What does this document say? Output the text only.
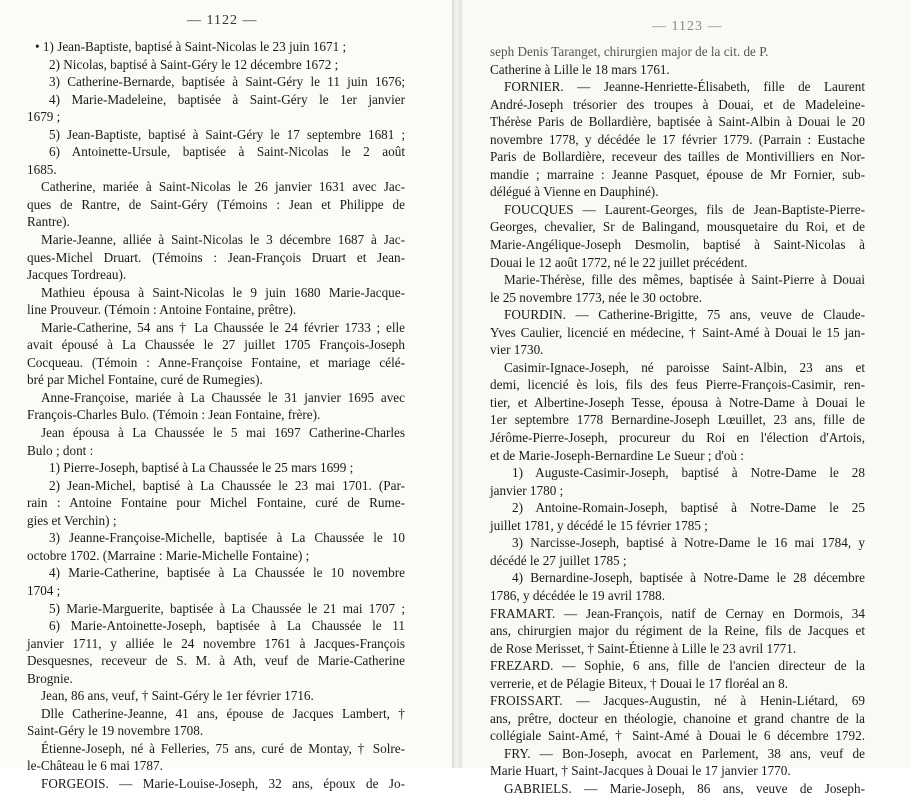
— 1122 —
• 1) Jean-Baptiste, baptisé à Saint-Nicolas le 23 juin 1671 ;
2) Nicolas, baptisé à Saint-Géry le 12 décembre 1672 ;
3) Catherine-Bernarde, baptisée à Saint-Géry le 11 juin 1676;
4) Marie-Madeleine, baptisée à Saint-Géry le 1er janvier
1679 ;
5) Jean-Baptiste, baptisé à Saint-Géry le 17 septembre 1681 ;
6) Antoinette-Ursule, baptisée à Saint-Nicolas le 2 août
1685.
Catherine, mariée à Saint-Nicolas le 26 janvier 1631 avec Jac-
ques de Rantre, de Saint-Géry (Témoins : Jean et Philippe de
Rantre).
Marie-Jeanne, alliée à Saint-Nicolas le 3 décembre 1687 à Jac-
ques-Michel Druart. (Témoins : Jean-François Druart et Jean-
Jacques Tordreau).
Mathieu épousa à Saint-Nicolas le 9 juin 1680 Marie-Jacque-
line Prouveur. (Témoin : Antoine Fontaine, prêtre).
Marie-Catherine, 54 ans † La Chaussée le 24 février 1733 ; elle
avait épousé à La Chaussée le 27 juillet 1705 François-Joseph
Cocqueau. (Témoin : Anne-Françoise Fontaine, et mariage célé-
bré par Michel Fontaine, curé de Rumegies).
Anne-Françoise, mariée à La Chaussée le 31 janvier 1695 avec
François-Charles Bulo. (Témoin : Jean Fontaine, frère).
Jean épousa à La Chaussée le 5 mai 1697 Catherine-Charles
Bulo ; dont :
1) Pierre-Joseph, baptisé à La Chaussée le 25 mars 1699 ;
2) Jean-Michel, baptisé à La Chaussée le 23 mai 1701. (Par-
rain : Antoine Fontaine pour Michel Fontaine, curé de Rume-
gies et Verchin) ;
3) Jeanne-Françoise-Michelle, baptisée à La Chaussée le 10
octobre 1702. (Marraine : Marie-Michelle Fontaine) ;
4) Marie-Catherine, baptisée à La Chaussée le 10 novembre
1704 ;
5) Marie-Marguerite, baptisée à La Chaussée le 21 mai 1707 ;
6) Marie-Antoinette-Joseph, baptisée à La Chaussée le 11
janvier 1711, y alliée le 24 novembre 1761 à Jacques-François
Desquesnes, receveur de S. M. à Ath, veuf de Marie-Catherine
Brognie.
Jean, 86 ans, veuf, † Saint-Géry le 1er février 1716.
Dlle Catherine-Jeanne, 41 ans, épouse de Jacques Lambert, †
Saint-Géry le 19 novembre 1708.
Étienne-Joseph, né à Felleries, 75 ans, curé de Montay, † Solre-
le-Château le 6 mai 1787.
FORGEOIS. — Marie-Louise-Joseph, 32 ans, époux de Jo-
— 1123 —
seph Denis Taranget, chirurgien major de la cit. de P.
Catherine à Lille le 18 mars 1761.
FORNIER. — Jeanne-Henriette-Élisabeth, fille de Laurent
André-Joseph trésorier des troupes à Douai, et de Madeleine-
Thérèse Paris de Bollardière, baptisée à Saint-Albin à Douai le 20
novembre 1778, y décédée le 17 février 1779. (Parrain : Eustache
Paris de Bollardière, receveur des tailles de Montivilliers en Nor-
mandie ; marraine : Jeanne Pasquet, épouse de Mr Fornier, sub-
délégué à Vienne en Dauphiné).
FOUCQUES — Laurent-Georges, fils de Jean-Baptiste-Pierre-
Georges, chevalier, Sr de Balingand, mousquetaire du Roi, et de
Marie-Angélique-Joseph Desmolin, baptisé à Saint-Nicolas à
Douai le 12 août 1772, né le 22 juillet précédent.
Marie-Thérèse, fille des mêmes, baptisée à Saint-Pierre à Douai
le 25 novembre 1773, née le 30 octobre.
FOURDIN. — Catherine-Brigitte, 75 ans, veuve de Claude-
Yves Caulier, licencié en médecine, † Saint-Amé à Douai le 15 jan-
vier 1730.
Casimir-Ignace-Joseph, né paroisse Saint-Albin, 23 ans et
demi, licencié ès lois, fils des feus Pierre-François-Casimir, ren-
tier, et Albertine-Joseph Tesse, épousa à Notre-Dame à Douai le
1er septembre 1778 Bernardine-Joseph Lœuillet, 23 ans, fille de
Jérôme-Pierre-Joseph, procureur du Roi en l'élection d'Artois,
et de Marie-Joseph-Bernardine Le Sueur ; d'où :
1) Auguste-Casimir-Joseph, baptisé à Notre-Dame le 28
janvier 1780 ;
2) Antoine-Romain-Joseph, baptisé à Notre-Dame le 25
juillet 1781, y décédé le 15 février 1785 ;
3) Narcisse-Joseph, baptisé à Notre-Dame le 16 mai 1784, y
décédé le 27 juillet 1785 ;
4) Bernardine-Joseph, baptisée à Notre-Dame le 28 décembre
1786, y décédée le 19 avril 1788.
FRAMART. — Jean-François, natif de Cernay en Dormois, 34
ans, chirurgien major du régiment de la Reine, fils de Jacques et
de Rose Merisset, † Saint-Étienne à Lille le 23 avril 1771.
FREZARD. — Sophie, 6 ans, fille de l'ancien directeur de la
verrerie, et de Pélagie Biteux, † Douai le 17 floréal an 8.
FROISSART. — Jacques-Augustin, né à Henin-Liétard, 69
ans, prêtre, docteur en théologie, chanoine et grand chantre de la
collégiale Saint-Amé, † Saint-Amé à Douai le 6 décembre 1792.
FRY. — Bon-Joseph, avocat en Parlement, 38 ans, veuf de
Marie Huart, † Saint-Jacques à Douai le 17 janvier 1770.
GABRIELS. — Marie-Joseph, 86 ans, veuve de Joseph-
